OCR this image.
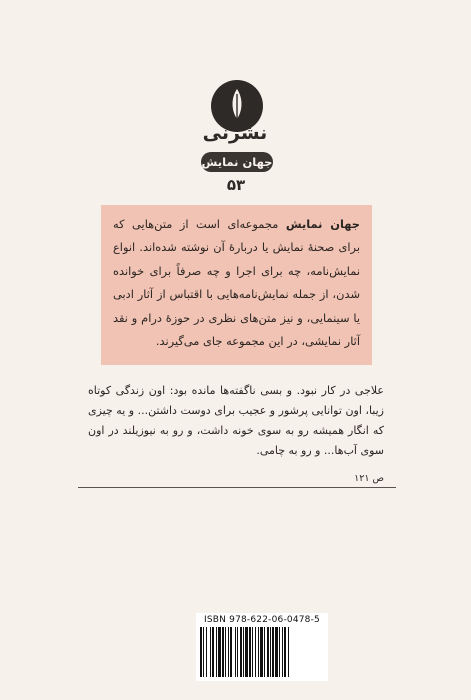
نشرنی
جهان نمایش
۵۳
جهان نمایش مجموعه‌ای است از متن‌هایی که برای صحنهٔ نمایش یا دربارهٔ آن نوشته شده‌اند. انواع نمایش‌نامه، چه برای اجرا و چه صرفاً برای خوانده شدن، از جمله نمایش‌نامه‌هایی با اقتباس از آثار ادبی یا سینمایی، و نیز متن‌های نظری در حوزهٔ درام و نقد آثار نمایشی، در این مجموعه جای می‌گیرند.
علاجی در کار نبود. و بسی ناگفته‌ها مانده بود: اون زندگی کوتاه زیبا، اون توانایی پرشور و عجیب برای دوست داشتن... و یه چیزی که انگار همیشه رو به سوی خونه داشت، و رو به نیوزیلند در اون سوی آب‌ها... و رو به چامی.
ص ۱۲۱
ISBN 978-622-06-0478-5
